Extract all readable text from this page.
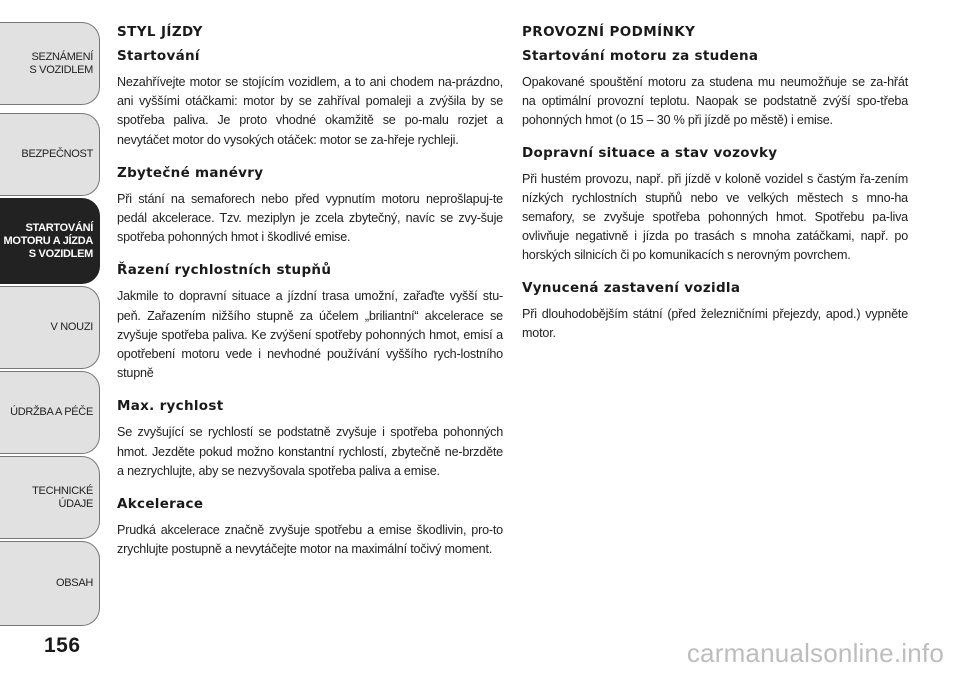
SEZNÁMENÍ
S VOZIDLEM
BEZPEČNOST
STARTOVÁNÍ
MOTORU A JÍZDA
S VOZIDLEM
V NOUZI
ÚDRŽBA A PÉČE
TECHNICKÉ
ÚDAJE
OBSAH
156
STYL JÍZDY
Startování
Nezahřívejte motor se stojícím vozidlem, a to ani chodem na-prázdno, ani vyššími otáčkami: motor by se zahříval pomaleji a zvýšila by se spotřeba paliva. Je proto vhodné okamžitě se po-malu rozjet a nevytáčet motor do vysokých otáček: motor se za-hřeje rychleji.
Zbytečné manévry
Při stání na semaforech nebo před vypnutím motoru neprošlapuj-te pedál akcelerace. Tzv. meziplyn je zcela zbytečný, navíc se zvy-šuje spotřeba pohonných hmot i škodlivé emise.
Řazení rychlostních stupňů
Jakmile to dopravní situace a jízdní trasa umožní, zařaďte vyšší stu-peň. Zařazením nižšího stupně za účelem „briliantní“ akcelerace se zvyšuje spotřeba paliva. Ke zvýšení spotřeby pohonných hmot, emisí a opotřebení motoru vede i nevhodné používání vyššího rych-lostního stupně
Max. rychlost
Se zvyšující se rychlostí se podstatně zvyšuje i spotřeba pohonných hmot. Jezděte pokud možno konstantní rychlostí, zbytečně ne-brzděte a nezrychlujte, aby se nezvyšovala spotřeba paliva a emise.
Akcelerace
Prudká akcelerace značně zvyšuje spotřebu a emise škodlivin, pro-to zrychlujte postupně a nevytáčejte motor na maximální točivý moment.
PROVOZNÍ PODMÍNKY
Startování motoru za studena
Opakované spouštění motoru za studena mu neumožňuje se za-hřát na optimální provozní teplotu. Naopak se podstatně zvýší spo-třeba pohonných hmot (o 15 – 30 % při jízdě po městě) i emise.
Dopravní situace a stav vozovky
Při hustém provozu, např. při jízdě v koloně vozidel s častým řa-zením nízkých rychlostních stupňů nebo ve velkých městech s mno-ha semafory, se zvyšuje spotřeba pohonných hmot. Spotřebu pa-liva ovlivňuje negativně i jízda po trasách s mnoha zatáčkami, např. po horských silnicích či po komunikacích s nerovným povrchem.
Vynucená zastavení vozidla
Při dlouhodobějším státní (před železničními přejezdy, apod.) vypněte motor.
carmanualsonline.info
